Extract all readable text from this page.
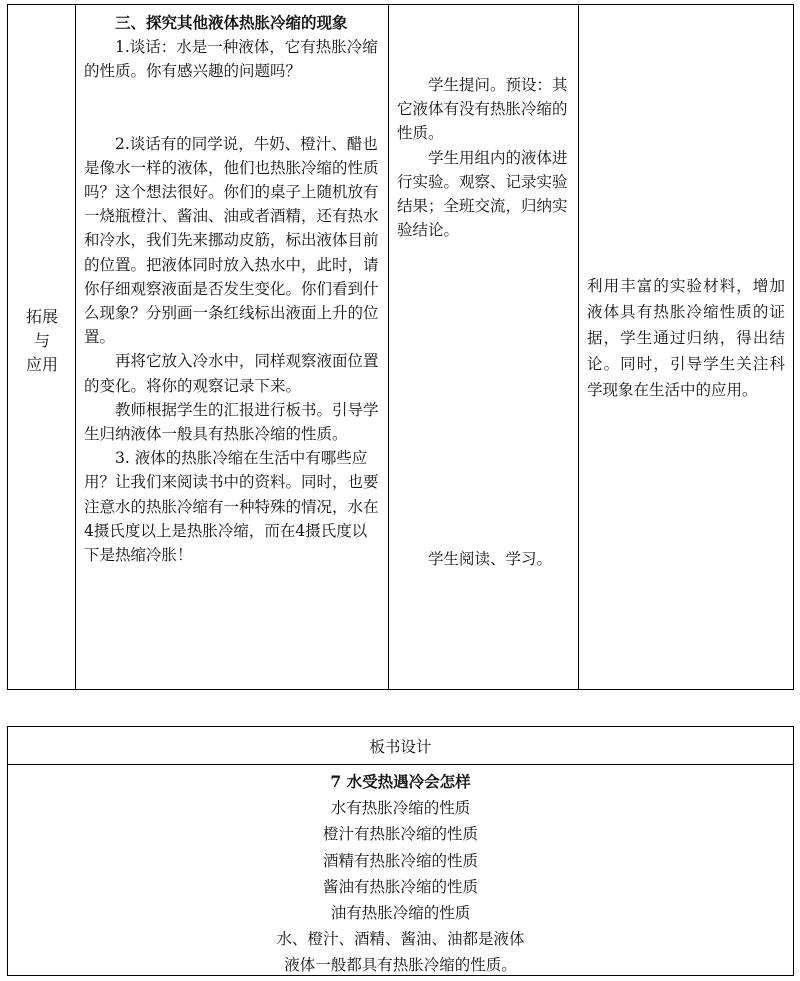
拓展
与
应用

三、探究其他液体热胀冷缩的现象

1.谈话：水是一种液体，它有热胀冷缩的性质。你有感兴趣的问题吗？

2.谈话有的同学说，牛奶、橙汁、醋也是像水一样的液体，他们也热胀冷缩的性质吗？这个想法很好。你们的桌子上随机放有一烧瓶橙汁、酱油、油或者酒精，还有热水和冷水，我们先来挪动皮筋，标出液体目前的位置。把液体同时放入热水中，此时，请你仔细观察液面是否发生变化。你们看到什么现象？分别画一条红线标出液面上升的位置。

再将它放入冷水中，同样观察液面位置的变化。将你的观察记录下来。

教师根据学生的汇报进行板书。引导学生归纳液体一般具有热胀冷缩的性质。

3. 液体的热胀冷缩在生活中有哪些应用？让我们来阅读书中的资料。同时，也要注意水的热胀冷缩有一种特殊的情况，水在4摄氏度以上是热胀冷缩，而在4摄氏度以下是热缩冷胀！

学生提问。预设：其它液体有没有热胀冷缩的性质。

学生用组内的液体进行实验。观察、记录实验结果；全班交流，归纳实验结论。

学生阅读、学习。

利用丰富的实验材料，增加液体具有热胀冷缩性质的证据，学生通过归纳，得出结论。同时，引导学生关注科学现象在生活中的应用。

板书设计

7 水受热遇冷会怎样

水有热胀冷缩的性质

橙汁有热胀冷缩的性质

酒精有热胀冷缩的性质

酱油有热胀冷缩的性质

油有热胀冷缩的性质

水、橙汁、酒精、酱油、油都是液体

液体一般都具有热胀冷缩的性质。
